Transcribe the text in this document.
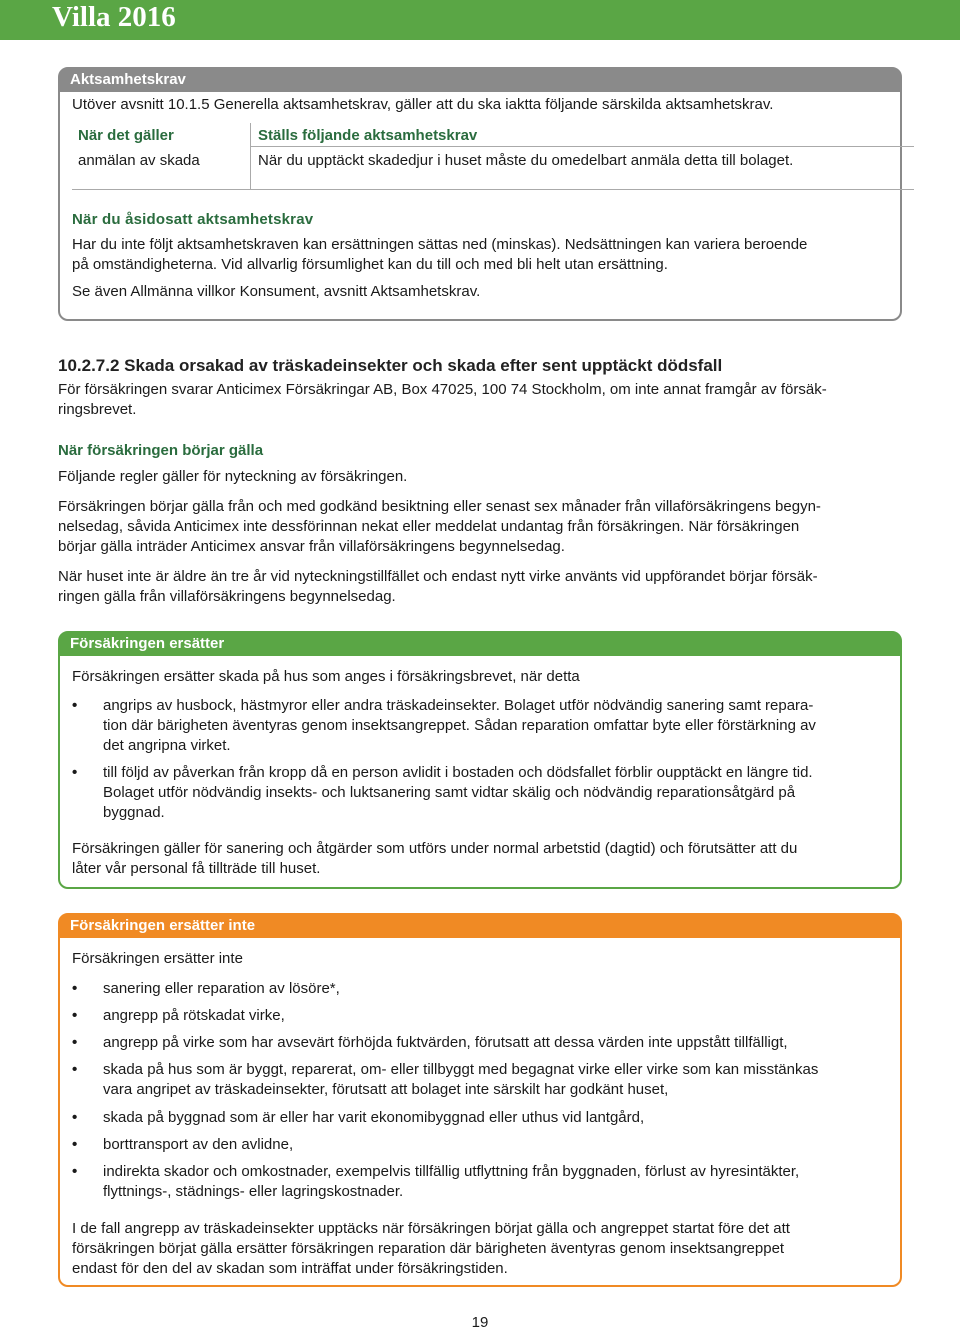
Villa 2016
Aktsamhetskrav
Utöver avsnitt 10.1.5 Generella aktsamhetskrav, gäller att du ska iaktta följande särskilda aktsamhetskrav.
När det gäller	Ställs följande aktsamhetskrav
anmälan av skada	När du upptäckt skadedjur i huset måste du omedelbart anmäla detta till bolaget.
När du åsidosatt aktsamhetskrav
Har du inte följt aktsamhetskraven kan ersättningen sättas ned (minskas). Nedsättningen kan variera beroende
på omständigheterna. Vid allvarlig försumlighet kan du till och med bli helt utan ersättning.
Se även Allmänna villkor Konsument, avsnitt Aktsamhetskrav.
10.2.7.2 Skada orsakad av träskadeinsekter och skada efter sent upptäckt dödsfall
För försäkringen svarar Anticimex Försäkringar AB, Box 47025, 100 74 Stockholm, om inte annat framgår av försäk-
ringsbrevet.
När försäkringen börjar gälla
Följande regler gäller för nyteckning av försäkringen.
Försäkringen börjar gälla från och med godkänd besiktning eller senast sex månader från villaförsäkringens begyn-
nelsedag, såvida Anticimex inte dessförinnan nekat eller meddelat undantag från försäkringen. När försäkringen
börjar gälla inträder Anticimex ansvar från villaförsäkringens begynnelsedag.
När huset inte är äldre än tre år vid nyteckningstillfället och endast nytt virke använts vid uppförandet börjar försäk-
ringen gälla från villaförsäkringens begynnelsedag.
Försäkringen ersätter
Försäkringen ersätter skada på hus som anges i försäkringsbrevet, när detta
• angrips av husbock, hästmyror eller andra träskadeinsekter. Bolaget utför nödvändig sanering samt repara-
tion där bärigheten äventyras genom insektsangreppet. Sådan reparation omfattar byte eller förstärkning av
det angripna virket.
• till följd av påverkan från kropp då en person avlidit i bostaden och dödsfallet förblir oupptäckt en längre tid.
Bolaget utför nödvändig insekts- och luktsanering samt vidtar skälig och nödvändig reparationsåtgärd på
byggnad.
Försäkringen gäller för sanering och åtgärder som utförs under normal arbetstid (dagtid) och förutsätter att du
låter vår personal få tillträde till huset.
Försäkringen ersätter inte
Försäkringen ersätter inte
• sanering eller reparation av lösöre*,
• angrepp på rötskadat virke,
• angrepp på virke som har avsevärt förhöjda fuktvärden, förutsatt att dessa värden inte uppstått tillfälligt,
• skada på hus som är byggt, reparerat, om- eller tillbyggt med begagnat virke eller virke som kan misstänkas
vara angripet av träskadeinsekter, förutsatt att bolaget inte särskilt har godkänt huset,
• skada på byggnad som är eller har varit ekonomibyggnad eller uthus vid lantgård,
• borttransport av den avlidne,
• indirekta skador och omkostnader, exempelvis tillfällig utflyttning från byggnaden, förlust av hyresintäkter,
flyttnings-, städnings- eller lagringskostnader.
I de fall angrepp av träskadeinsekter upptäcks när försäkringen börjat gälla och angreppet startat före det att
försäkringen börjat gälla ersätter försäkringen reparation där bärigheten äventyras genom insektsangreppet
endast för den del av skadan som inträffat under försäkringstiden.
19
